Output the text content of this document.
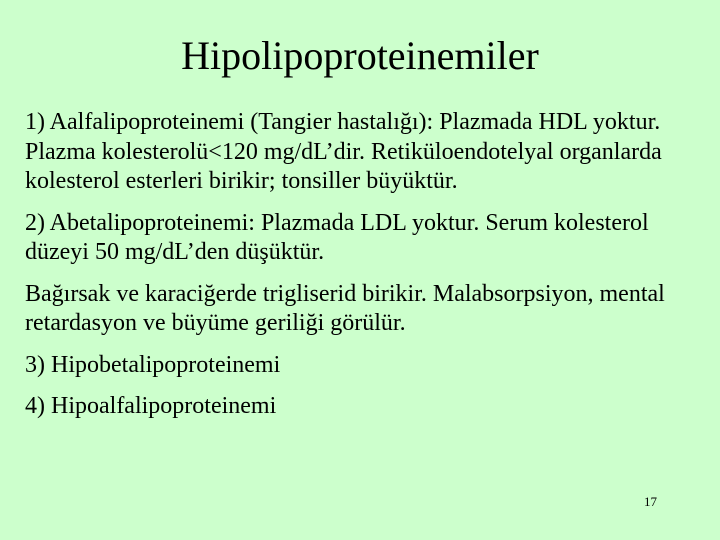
Hipolipoproteinemiler

1) Aalfalipoproteinemi (Tangier hastalığı): Plazmada HDL yoktur. Plazma kolesterolü<120 mg/dL’dir. Retiküloendotelyal organlarda kolesterol esterleri birikir; tonsiller büyüktür.

2) Abetalipoproteinemi: Plazmada LDL yoktur. Serum kolesterol düzeyi 50 mg/dL’den düşüktür.

Bağırsak ve karaciğerde trigliserid birikir. Malabsorpsiyon, mental retardasyon ve büyüme geriliği görülür.

3) Hipobetalipoproteinemi

4) Hipoalfalipoproteinemi

17
